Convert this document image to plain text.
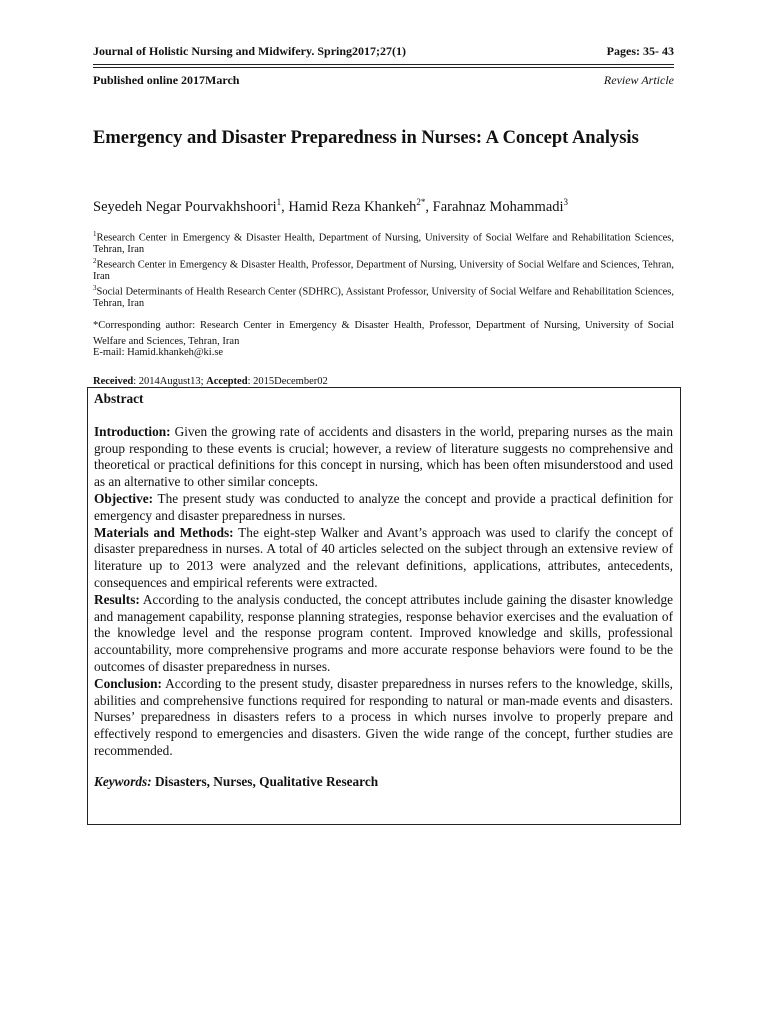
Journal of Holistic Nursing and Midwifery. Spring2017;27(1)	Pages: 35- 43
Published online 2017March	Review Article
Emergency and Disaster Preparedness in Nurses: A Concept Analysis
Seyedeh Negar Pourvakhshoori$^1$, Hamid Reza Khankeh$^{2*}$, Farahnaz Mohammadi$^3$

$^1$Research Center in Emergency & Disaster Health, Department of Nursing, University of Social Welfare and Rehabilitation Sciences, Tehran, Iran

$^2$Research Center in Emergency & Disaster Health, Professor, Department of Nursing, University of Social Welfare and Sciences, Tehran, Iran

$^3$Social Determinants of Health Research Center (SDHRC), Assistant Professor, University of Social Welfare and Rehabilitation Sciences, Tehran, Iran

*Corresponding author: Research Center in Emergency & Disaster Health, Professor, Department of Nursing, University of Social Welfare and Sciences, Tehran, Iran
E-mail: Hamid.khankeh@ki.se
Received: 2014August13; Accepted: 2015December02

Abstract

Introduction: Given the growing rate of accidents and disasters in the world, preparing nurses as the main group responding to these events is crucial; however, a review of literature suggests no comprehensive and theoretical or practical definitions for this concept in nursing, which has been often misunderstood and used as an alternative to other similar concepts.

Objective: The present study was conducted to analyze the concept and provide a practical definition for emergency and disaster preparedness in nurses.

Materials and Methods: The eight-step Walker and Avant’s approach was used to clarify the concept of disaster preparedness in nurses. A total of 40 articles selected on the subject through an extensive review of literature up to 2013 were analyzed and the relevant definitions, applications, attributes, antecedents, consequences and empirical referents were extracted.

Results: According to the analysis conducted, the concept attributes include gaining the disaster knowledge and management capability, response planning strategies, response behavior exercises and the evaluation of the knowledge level and the response program content. Improved knowledge and skills, professional accountability, more comprehensive programs and more accurate response behaviors were found to be the outcomes of disaster preparedness in nurses.

Conclusion: According to the present study, disaster preparedness in nurses refers to the knowledge, skills, abilities and comprehensive functions required for responding to natural or man-made events and disasters. Nurses’ preparedness in disasters refers to a process in which nurses involve to properly prepare and effectively respond to emergencies and disasters. Given the wide range of the concept, further studies are recommended.

Keywords: Disasters, Nurses, Qualitative Research
